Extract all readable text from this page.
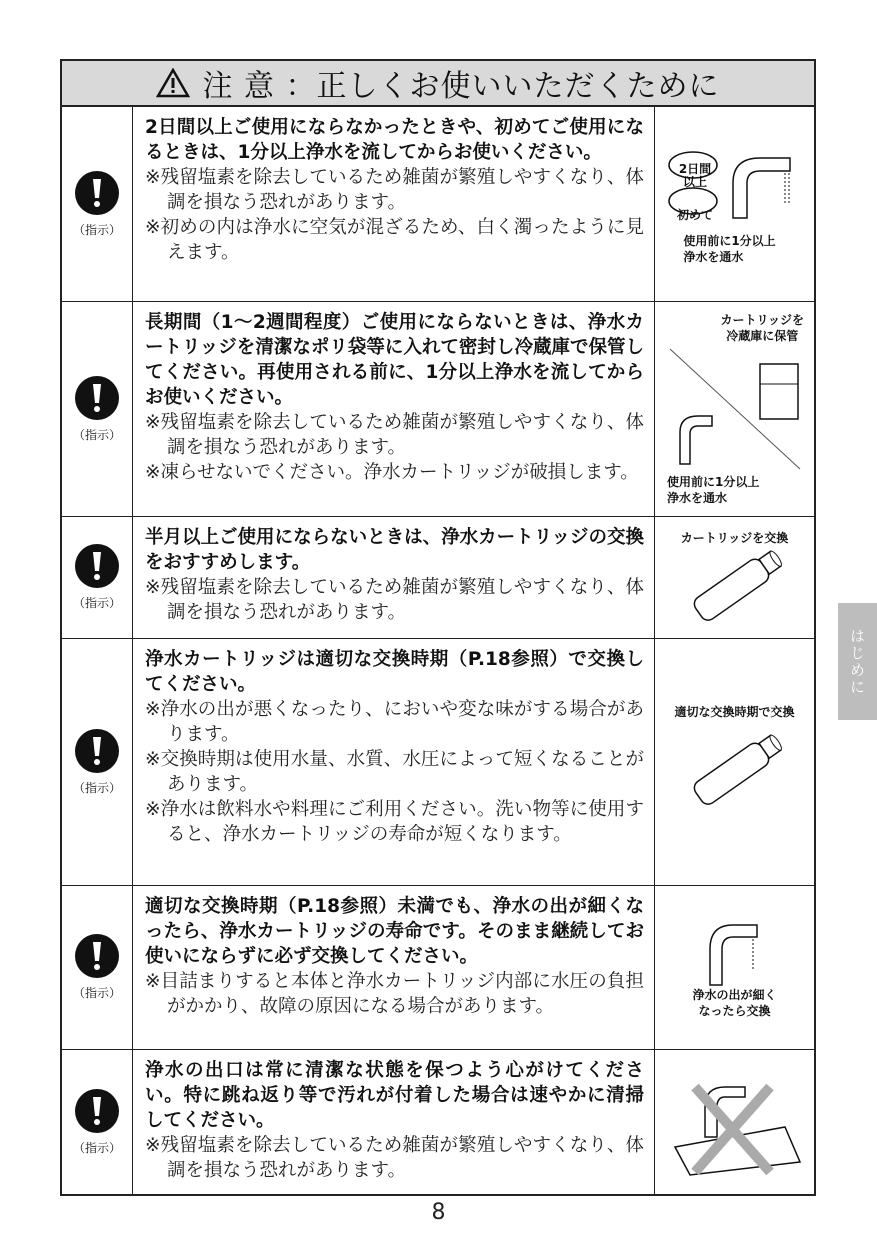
注 意 ：正しくお使いいただくために
（指示）

2日間以上ご使用にならなかったときや、初めてご使用になるときは、1分以上浄水を流してからお使いください。

※残留塩素を除去しているため雑菌が繁殖しやすくなり、体調を損なう恐れがあります。

※初めの内は浄水に空気が混ざるため、白く濁ったように見えます。

2日間
以上
初めて
使用前に1分以上
浄水を通水
（指示）

長期間（1～2週間程度）ご使用にならないときは、浄水カートリッジを清潔なポリ袋等に入れて密封し冷蔵庫で保管してください。再使用される前に、1分以上浄水を流してからお使いください。

※残留塩素を除去しているため雑菌が繁殖しやすくなり、体調を損なう恐れがあります。

※凍らせないでください。浄水カートリッジが破損します。

カートリッジを
冷蔵庫に保管
使用前に1分以上
浄水を通水
（指示）

半月以上ご使用にならないときは、浄水カートリッジの交換をおすすめします。

※残留塩素を除去しているため雑菌が繁殖しやすくなり、体調を損なう恐れがあります。

カートリッジを交換
（指示）

浄水カートリッジは適切な交換時期（P.18参照）で交換してください。

※浄水の出が悪くなったり、においや変な味がする場合があります。

※交換時期は使用水量、水質、水圧によって短くなることがあります。

※浄水は飲料水や料理にご利用ください。洗い物等に使用すると、浄水カートリッジの寿命が短くなります。

適切な交換時期で交換
（指示）

適切な交換時期（P.18参照）未満でも、浄水の出が細くなったら、浄水カートリッジの寿命です。そのまま継続してお使いにならずに必ず交換してください。

※目詰まりすると本体と浄水カートリッジ内部に水圧の負担がかかり、故障の原因になる場合があります。

浄水の出が細く
なったら交換
（指示）

浄水の出口は常に清潔な状態を保つよう心がけてください。特に跳ね返り等で汚れが付着した場合は速やかに清掃してください。

※残留塩素を除去しているため雑菌が繁殖しやすくなり、体調を損なう恐れがあります。

はじめに
8
